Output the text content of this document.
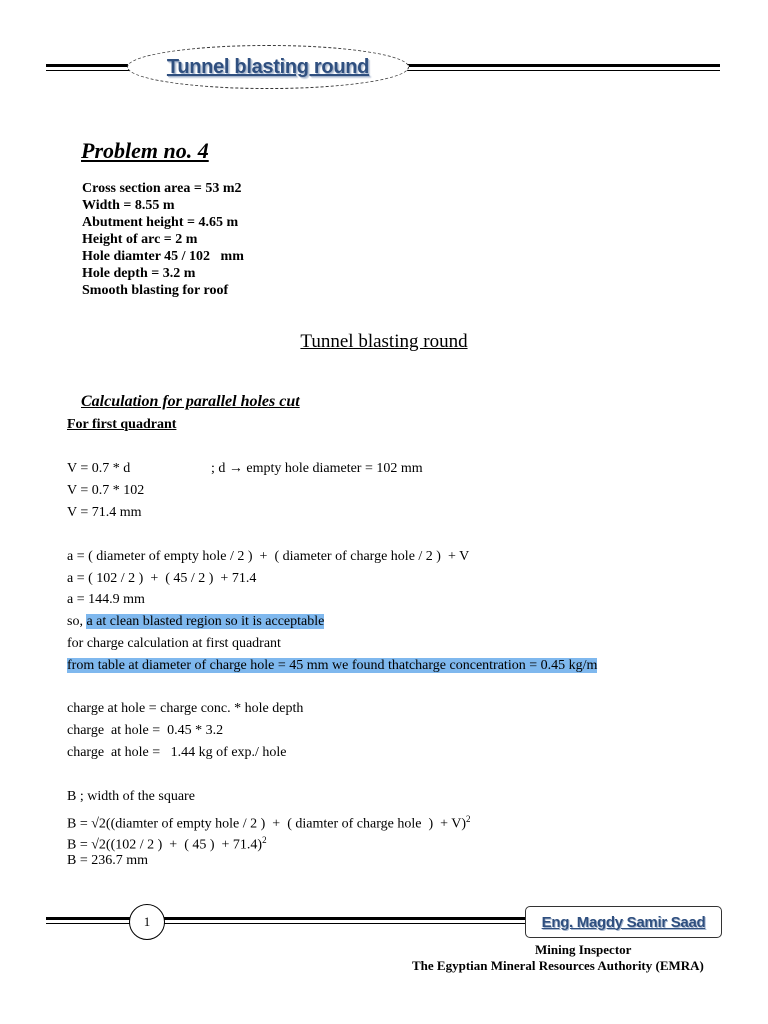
Tunnel blasting round
Problem no. 4
Cross section area = 53 m2
Width = 8.55 m
Abutment height = 4.65 m
Height of arc = 2 m
Hole diamter 45 / 102   mm
Hole depth = 3.2 m
Smooth blasting for roof
Tunnel blasting round
Calculation for parallel holes cut
For first quadrant
V = 0.7 * d	; d → empty hole diameter = 102 mm
V = 0.7 * 102
V = 71.4 mm
a = ( diameter of empty hole / 2 )  +  ( diameter of charge hole / 2 )  + V
a = ( 102 / 2 )  +  ( 45 / 2 )  + 71.4
a = 144.9 mm
so, a at clean blasted region so it is acceptable
for charge calculation at first quadrant
from table at diameter of charge hole = 45 mm we found thatcharge concentration = 0.45 kg/m
charge at hole = charge conc. * hole depth
charge  at hole =  0.45 * 3.2
charge  at hole =   1.44 kg of exp./ hole
B ; width of the square
B = √2((diamter of empty hole / 2 )  +  ( diamter of charge hole  )  + V)$^2$
B = √2((102 / 2 )  +  ( 45 )  + 71.4)$^2$
B = 236.7 mm
1	Eng. Magdy Samir Saad
Mining Inspector
The Egyptian Mineral Resources Authority (EMRA)
